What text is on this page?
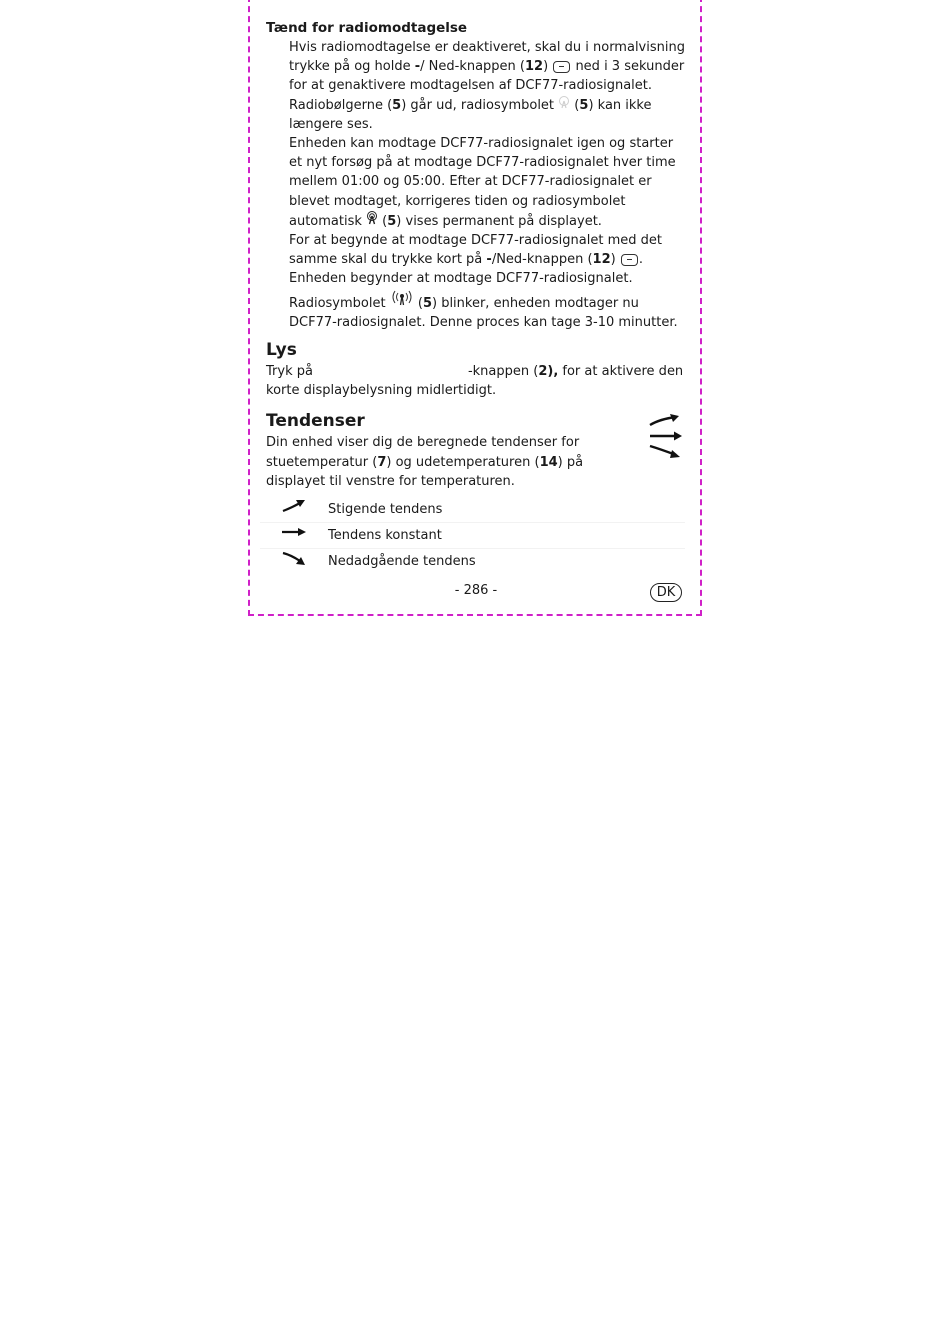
Tænd for radiomodtagelse

Hvis radiomodtagelse er deaktiveret, skal du i normalvisning trykke på og holde -/ Ned-knappen (12)  ned i 3 sekunder for at genaktivere modtagelsen af DCF77-radiosignalet.

Radiobølgerne (5) går ud, radiosymbolet  (5) kan ikke længere ses.

Enheden kan modtage DCF77-radiosignalet igen og starter et nyt forsøg på at modtage DCF77-radiosignalet hver time mellem 01:00 og 05:00. Efter at DCF77-radiosignalet er blevet modtaget, korrigeres tiden og radiosymbolet automatisk  (5) vises permanent på displayet.

For at begynde at modtage DCF77-radiosignalet med det samme skal du trykke kort på -/Ned-knappen (12) .

Enheden begynder at modtage DCF77-radiosignalet.

Radiosymbolet  (5) blinker, enheden modtager nu DCF77-radiosignalet. Denne proces kan tage 3-10 minutter.

Lys

Tryk på	-knappen (2), for at aktivere den korte displaybelysning midlertidigt.

Tendenser

Din enhed viser dig de beregnede tendenser for stuetemperatur (7) og udetemperaturen (14) på displayet til venstre for temperaturen.

	Stigende tendens
	Tendens konstant
	Nedadgående tendens
- 286 -	DK
